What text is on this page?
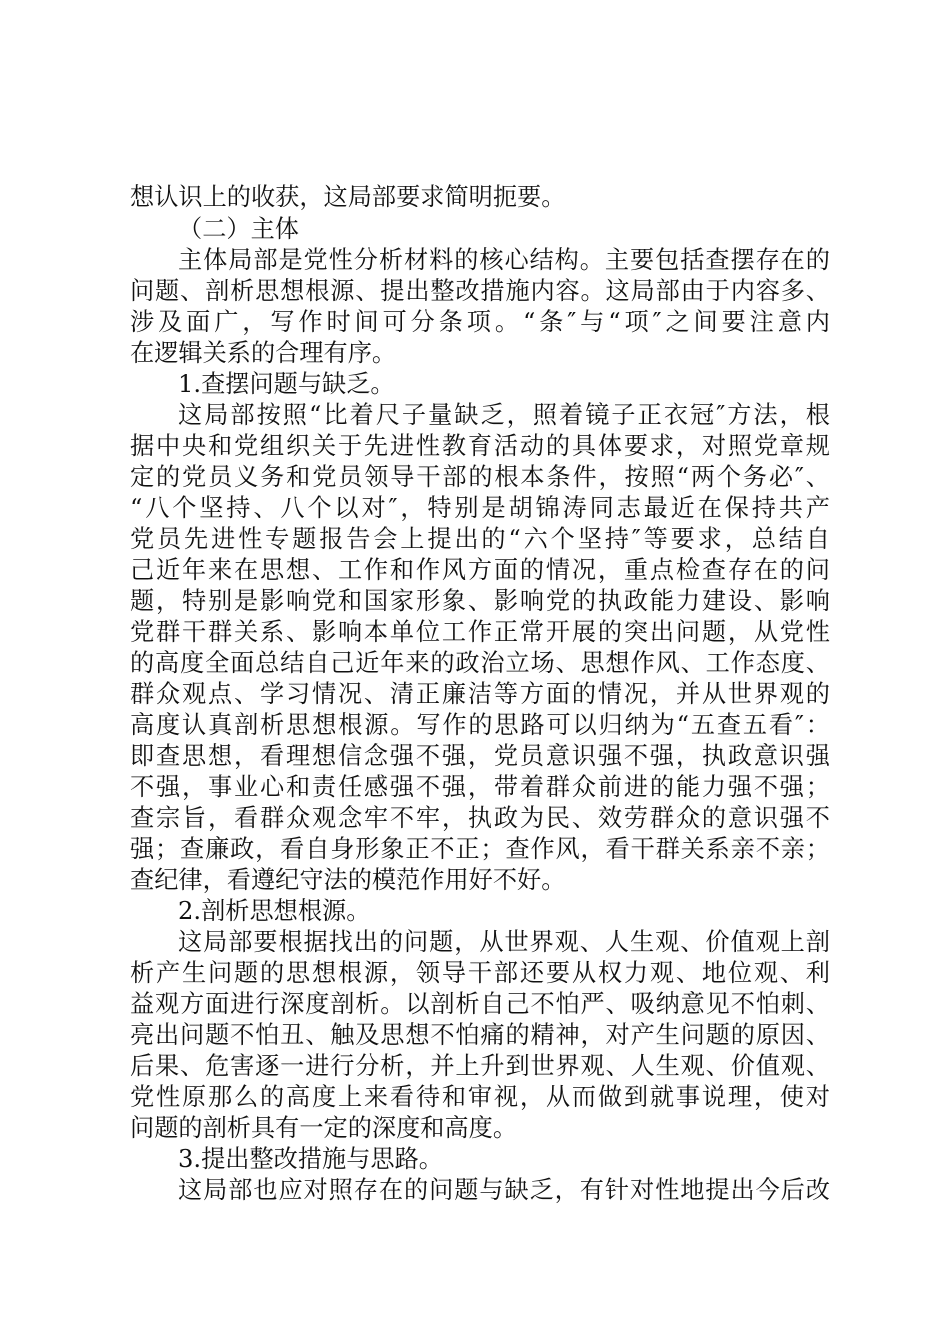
想认识上的收获，这局部要求简明扼要。
（二）主体
主体局部是党性分析材料的核心结构。主要包括查摆存在的
问题、剖析思想根源、提出整改措施内容。这局部由于内容多、
涉及面广，写作时间可分条项。“条″与“项″之间要注意内
在逻辑关系的合理有序。
1.查摆问题与缺乏。
这局部按照“比着尺子量缺乏，照着镜子正衣冠″方法，根
据中央和党组织关于先进性教育活动的具体要求，对照党章规
定的党员义务和党员领导干部的根本条件，按照“两个务必″、
“八个坚持、八个以对″，特别是胡锦涛同志最近在保持共产
党员先进性专题报告会上提出的“六个坚持″等要求，总结自
己近年来在思想、工作和作风方面的情况，重点检查存在的问
题，特别是影响党和国家形象、影响党的执政能力建设、影响
党群干群关系、影响本单位工作正常开展的突出问题，从党性
的高度全面总结自己近年来的政治立场、思想作风、工作态度、
群众观点、学习情况、清正廉洁等方面的情况，并从世界观的
高度认真剖析思想根源。写作的思路可以归纳为“五查五看″：
即查思想，看理想信念强不强，党员意识强不强，执政意识强
不强，事业心和责任感强不强，带着群众前进的能力强不强；
查宗旨，看群众观念牢不牢，执政为民、效劳群众的意识强不
强；查廉政，看自身形象正不正；查作风，看干群关系亲不亲；
查纪律，看遵纪守法的模范作用好不好。
2.剖析思想根源。
这局部要根据找出的问题，从世界观、人生观、价值观上剖
析产生问题的思想根源，领导干部还要从权力观、地位观、利
益观方面进行深度剖析。以剖析自己不怕严、吸纳意见不怕刺、
亮出问题不怕丑、触及思想不怕痛的精神，对产生问题的原因、
后果、危害逐一进行分析，并上升到世界观、人生观、价值观、
党性原那么的高度上来看待和审视，从而做到就事说理，使对
问题的剖析具有一定的深度和高度。
3.提出整改措施与思路。
这局部也应对照存在的问题与缺乏，有针对性地提出今后改
